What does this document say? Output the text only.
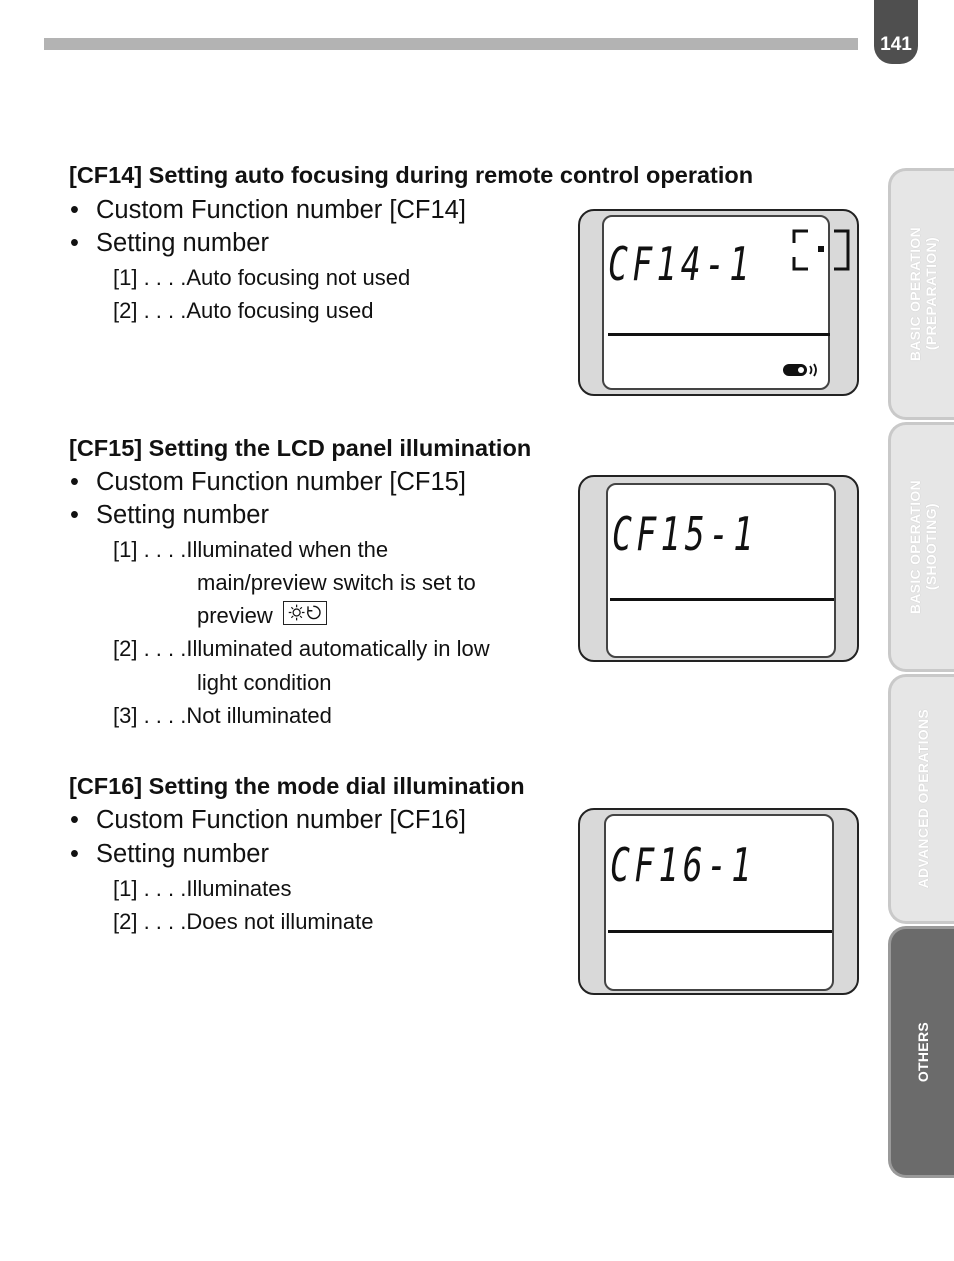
141
BASIC OPERATION (PREPARATION)
BASIC OPERATION (SHOOTING)
ADVANCED OPERATIONS
OTHERS
[CF14] Setting auto focusing during remote control operation
• Custom Function number [CF14]
• Setting number
[1] . . . .Auto focusing not used
[2] . . . .Auto focusing used
CF14-1
[CF15] Setting the LCD panel illumination
• Custom Function number [CF15]
• Setting number
[1] . . . .Illuminated when the
main/preview switch is set to
preview
[2] . . . .Illuminated automatically in low
light condition
[3] . . . .Not illuminated
CF15-1
[CF16] Setting the mode dial illumination
• Custom Function number [CF16]
• Setting number
[1] . . . .Illuminates
[2] . . . .Does not illuminate
CF16-1
